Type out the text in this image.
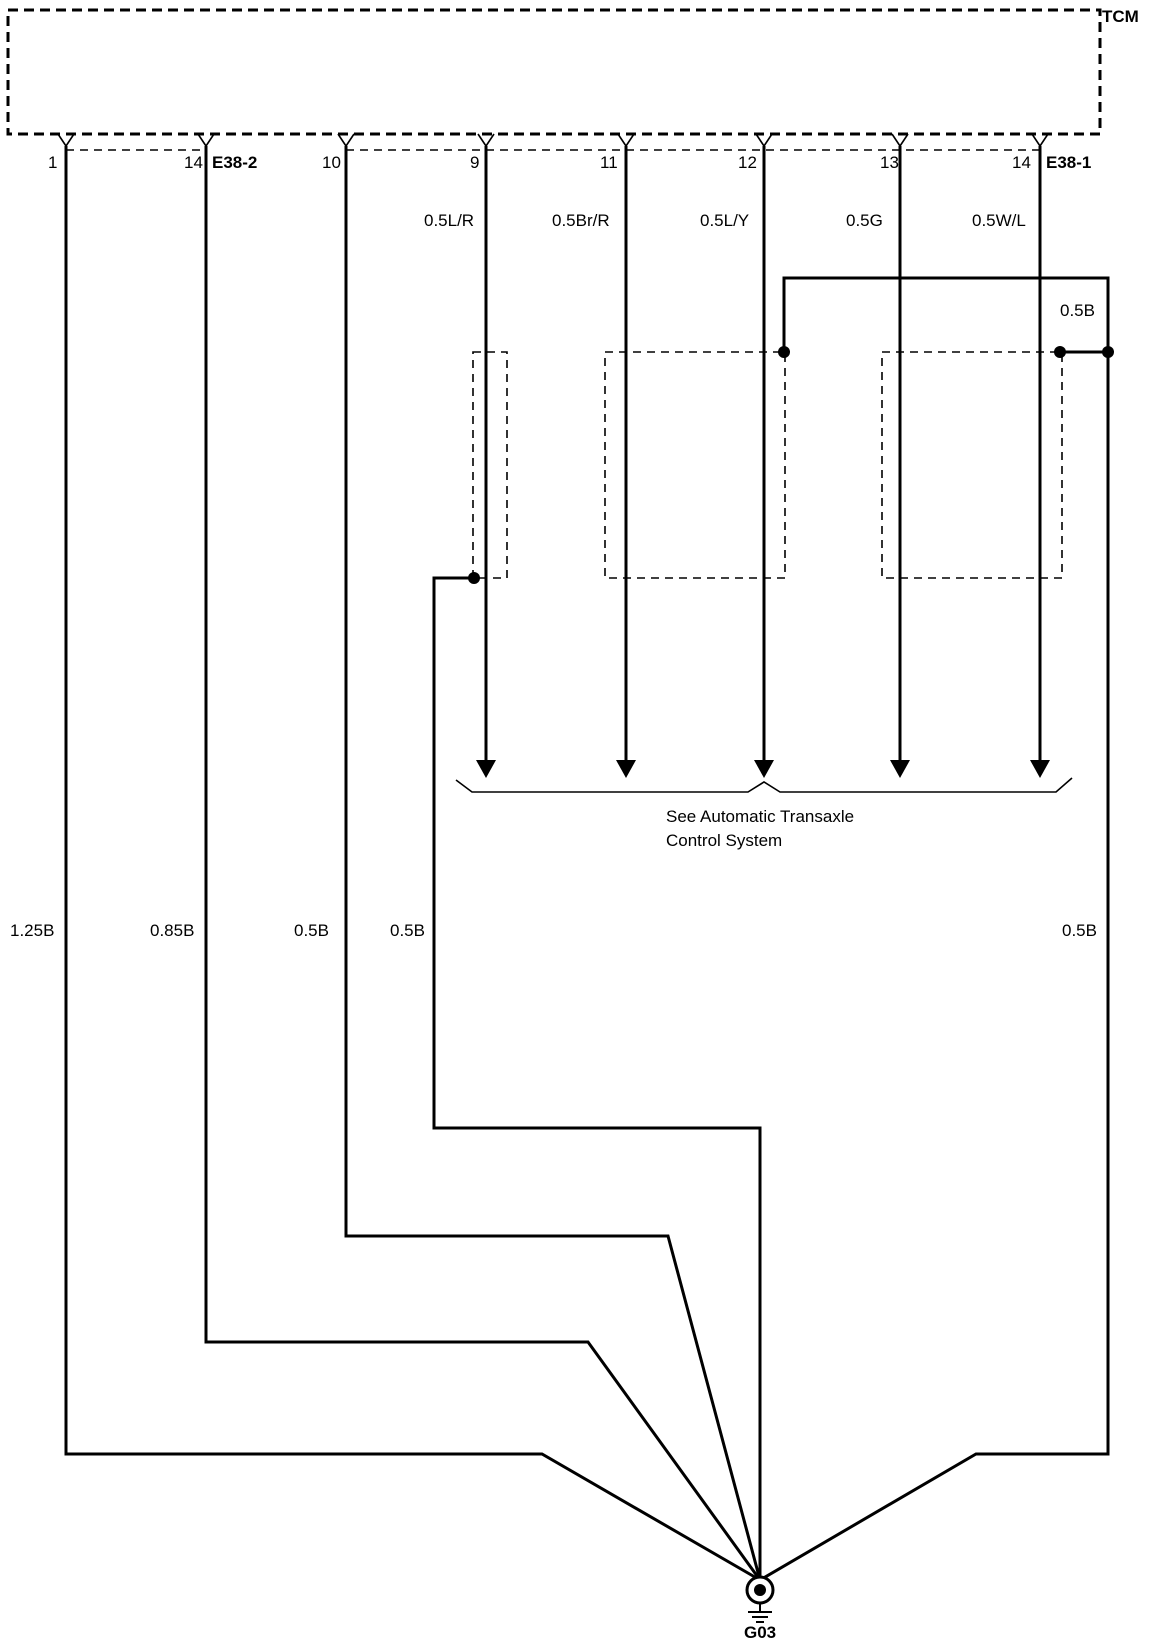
TCM
1	14 E38-2	10	9	11	12	13	14 E38-1
0.5L/R	0.5Br/R	0.5L/Y	0.5G	0.5W/L
0.5B
See Automatic Transaxle
Control System
1.25B	0.85B	0.5B	0.5B	0.5B
G03
